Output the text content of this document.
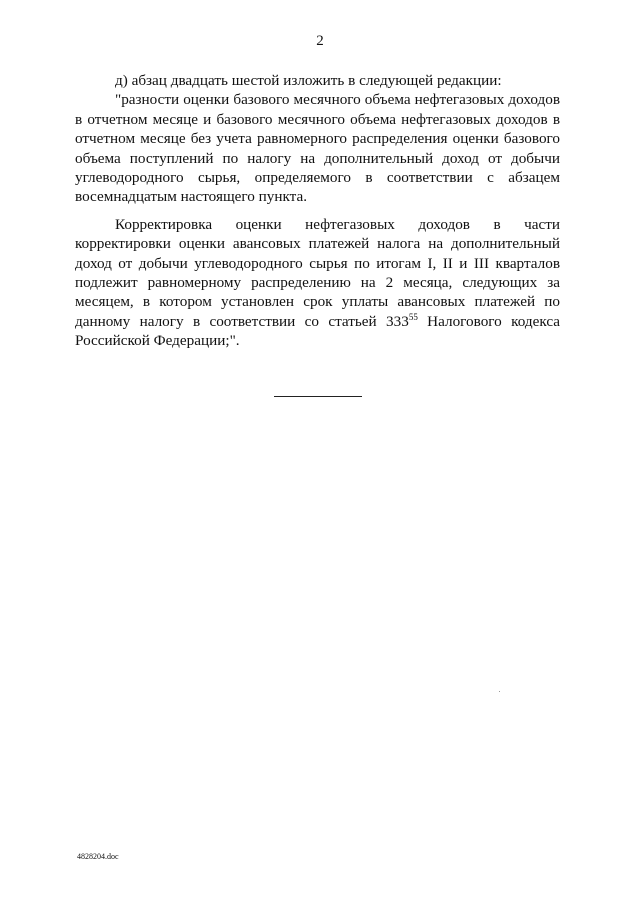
2

д) абзац двадцать шестой изложить в следующей редакции:

"разности оценки базового месячного объема нефтегазовых доходов в отчетном месяце и базового месячного объема нефтегазовых доходов в отчетном месяце без учета равномерного распределения оценки базового объема поступлений по налогу на дополнительный доход от добычи углеводородного сырья, определяемого в соответствии с абзацем восемнадцатым настоящего пункта.

Корректировка оценки нефтегазовых доходов в части корректировки оценки авансовых платежей налога на дополнительный доход от добычи углеводородного сырья по итогам I, II и III кварталов подлежит равномерному распределению на 2 месяца, следующих за месяцем, в котором установлен срок уплаты авансовых платежей по данному налогу в соответствии со статьей $333^{55}$ Налогового кодекса Российской Федерации;".

4828204.doc
